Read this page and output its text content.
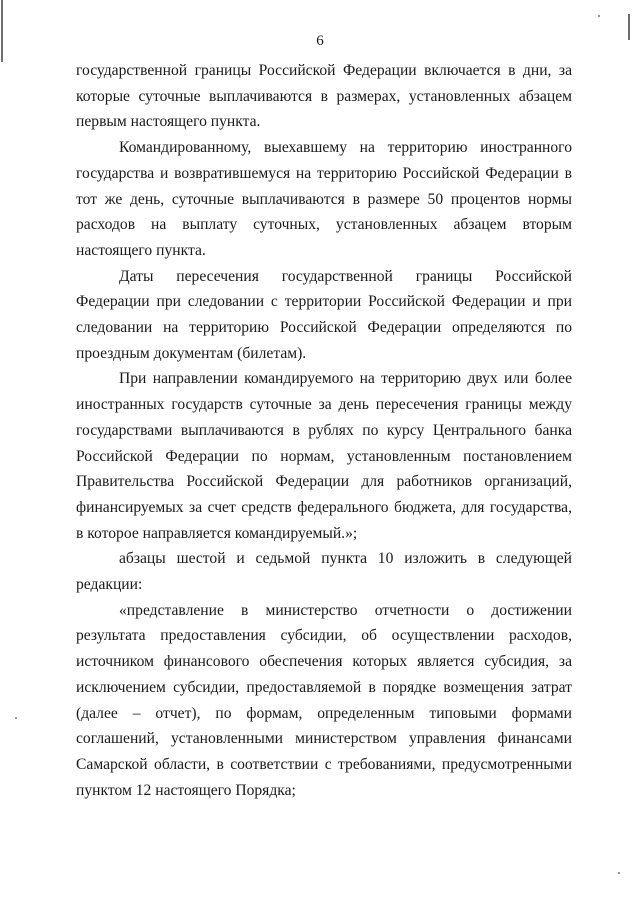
6

государственной границы Российской Федерации включается в дни, за которые суточные выплачиваются в размерах, установленных абзацем первым настоящего пункта.

Командированному, выехавшему на территорию иностранного государства и возвратившемуся на территорию Российской Федерации в тот же день, суточные выплачиваются в размере 50 процентов нормы расходов на выплату суточных, установленных абзацем вторым настоящего пункта.

Даты пересечения государственной границы Российской Федерации при следовании с территории Российской Федерации и при следовании на территорию Российской Федерации определяются по проездным документам (билетам).

При направлении командируемого на территорию двух или более иностранных государств суточные за день пересечения границы между государствами выплачиваются в рублях по курсу Центрального банка Российской Федерации по нормам, установленным постановлением Правительства Российской Федерации для работников организаций, финансируемых за счет средств федерального бюджета, для государства, в которое направляется командируемый.»;

абзацы шестой и седьмой пункта 10 изложить в следующей редакции:

«представление в министерство отчетности о достижении результата предоставления субсидии, об осуществлении расходов, источником финансового обеспечения которых является субсидия, за исключением субсидии, предоставляемой в порядке возмещения затрат (далее – отчет), по формам, определенным типовыми формами соглашений, установленными министерством управления финансами Самарской области, в соответствии с требованиями, предусмотренными пунктом 12 настоящего Порядка;
